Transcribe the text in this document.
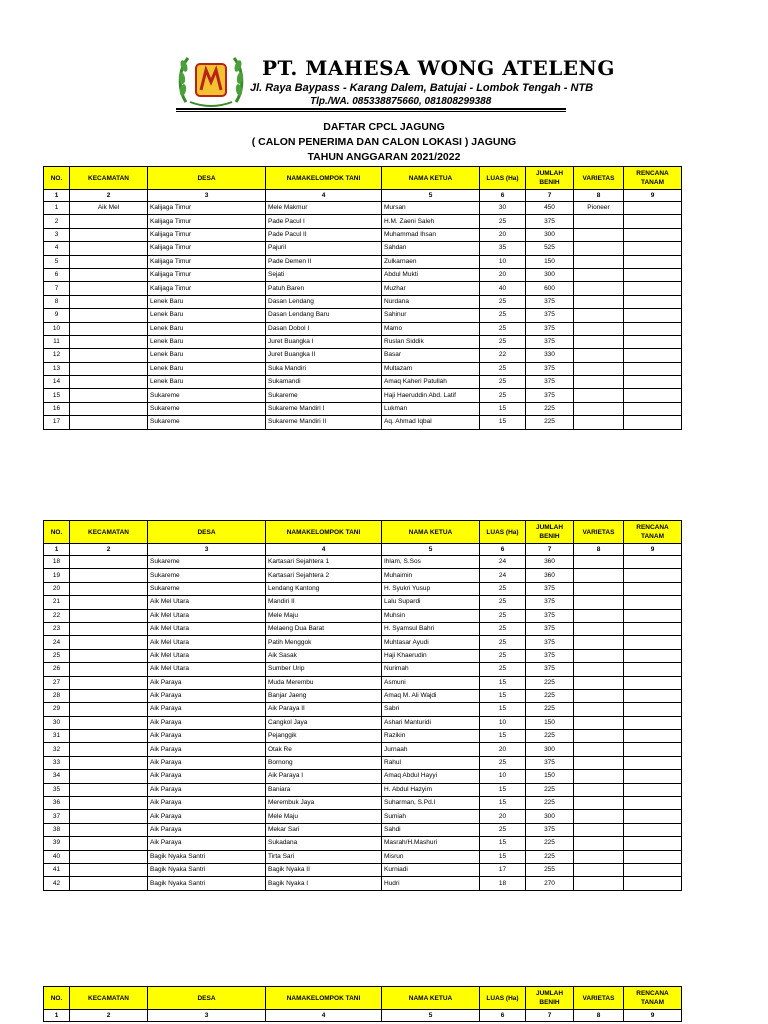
PT. MAHESA WONG ATELENG
Jl. Raya Baypass - Karang Dalem, Batujai - Lombok Tengah - NTB
Tlp./WA. 085338875660, 081808299388
DAFTAR CPCL JAGUNG
( CALON PENERIMA DAN CALON LOKASI ) JAGUNG
TAHUN ANGGARAN 2021/2022
NO.	KECAMATAN	DESA	NAMAKELOMPOK TANI	NAMA KETUA	LUAS (Ha)	JUMLAH BENIH	VARIETAS	RENCANA TANAM
1	2	3	4	5	6	7	8	9
1	Aik Mel	Kalijaga Timur	Mele Makmur	Mursan	30	450	Pioneer	
2		Kalijaga Timur	Pade Pacul I	H.M. Zaeni Saleh	25	375		
3		Kalijaga Timur	Pade Pacul II	Muhammad Ihsan	20	300		
4		Kalijaga Timur	Pajuril	Sahdan	35	525		
5		Kalijaga Timur	Pade Demen II	Zulkarnaen	10	150		
6		Kalijaga Timur	Sejati	Abdul Mukti	20	300		
7		Kalijaga Timur	Patuh Baren	Muzhar	40	600		
8		Lenek Baru	Dasan Lendang	Nurdana	25	375		
9		Lenek Baru	Dasan Lendang Baru	Sahinur	25	375		
10		Lenek Baru	Dasan Dobol I	Mamo	25	375		
11		Lenek Baru	Juret Buangka I	Ruslan Siddik	25	375		
12		Lenek Baru	Juret Buangka II	Basar	22	330		
13		Lenek Baru	Suka Mandiri	Multazam	25	375		
14		Lenek Baru	Sukamandi	Amaq Kaheri Patullah	25	375		
15		Sukareme	Sukareme	Haji Haeruddin Abd. Latif	25	375		
16		Sukareme	Sukareme Mandiri I	Lukman	15	225		
17		Sukareme	Sukareme Mandiri II	Aq. Ahmad Iqbal	15	225		
NO.	KECAMATAN	DESA	NAMAKELOMPOK TANI	NAMA KETUA	LUAS (Ha)	JUMLAH BENIH	VARIETAS	RENCANA TANAM
1	2	3	4	5	6	7	8	9
18		Sukareme	Kartasari Sejahtera 1	Ihlam, S.Sos	24	360		
19		Sukareme	Kartasari Sejahtera 2	Muhaimin	24	360		
20		Sukareme	Lendang Kantong	H. Syukri Yusup	25	375		
21		Aik Mel Utara	Mandiri II	Lalu Supardi	25	375		
22		Aik Mel Utara	Mele Maju	Muhsin	25	375		
23		Aik Mel Utara	Melaeng Dua Barat	H. Syamsul Bahri	25	375		
24		Aik Mel Utara	Patih Menggok	Muhtasar Ayudi	25	375		
25		Aik Mel Utara	Aik Sasak	Haji Khaerudin	25	375		
26		Aik Mel Utara	Sumber Urip	Nurimah	25	375		
27		Aik Paraya	Muda Merembu	Asmuni	15	225		
28		Aik Paraya	Banjar Jaeng	Amaq M. Ali Wajdi	15	225		
29		Aik Paraya	Aik Paraya II	Sabri	15	225		
30		Aik Paraya	Cangkol Jaya	Ashari Manturidi	10	150		
31		Aik Paraya	Pejanggik	Razikin	15	225		
32		Aik Paraya	Otak Re	Jurnaah	20	300		
33		Aik Paraya	Bornong	Rahul	25	375		
34		Aik Paraya	Aik Paraya I	Amaq Abdul Hayyi	10	150		
35		Aik Paraya	Baniara	H. Abdul Hazyim	15	225		
36		Aik Paraya	Merembuk Jaya	Suharman, S.Pd.I	15	225		
37		Aik Paraya	Mele Maju	Sumiah	20	300		
38		Aik Paraya	Mekar Sari	Sahdi	25	375		
39		Aik Paraya	Sukadana	Masrah/H.Mashuri	15	225		
40		Bagik Nyaka Santri	Tirta Sari	Misrun	15	225		
41		Bagik Nyaka Santri	Bagik Nyaka II	Kurniadi	17	255		
42		Bagik Nyaka Santri	Bagik Nyaka I	Hudri	18	270		
NO.	KECAMATAN	DESA	NAMAKELOMPOK TANI	NAMA KETUA	LUAS (Ha)	JUMLAH BENIH	VARIETAS	RENCANA TANAM
1	2	3	4	5	6	7	8	9
